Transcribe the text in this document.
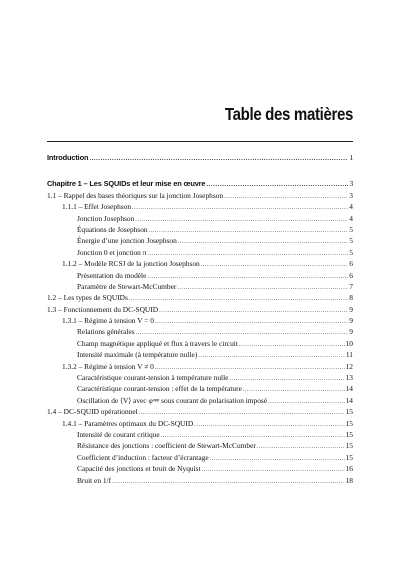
Table des matières
Introduction .....	1
Chapitre 1 – Les SQUIDs et leur mise en œuvre .....	3
1.1 – Rappel des bases théoriques sur la jonction Josephson .....	3
1.1.1 – Effet Josephson .....	4
Jonction Josephson .....	4
Équations de Josephson .....	5
Énergie d’une jonction Josephson .....	5
Jonction 0 et jonction π .....	5
1.1.2 – Modèle RCSJ de la jonction Josephson .....	6
Présentation du modèle .....	6
Paramètre de Stewart-McCumber .....	7
1.2 – Les types de SQUIDs .....	8
1.3 – Fonctionnement du DC-SQUID .....	9
1.3.1 – Régime à tension V = 0 .....	9
Relations générales .....	9
Champ magnétique appliqué et flux à travers le circuit .....	10
Intensité maximale (à température nulle) .....	11
1.3.2 – Régime à tension V ≠ 0 .....	12
Caractéristique courant-tension à température nulle .....	13
Caractéristique courant-tension : effet de la température .....	14
Oscillation de ⟨V⟩ avec φᵃᵖᵖ sous courant de polarisation imposé .....	14
1.4 – DC-SQUID opérationnel .....	15
1.4.1 – Paramètres optimaux du DC-SQUID .....	15
Intensité de courant critique .....	15
Résistance des jonctions : coefficient de Stewart-McCumber .....	15
Coefficient d’induction : facteur d’écrantage .....	15
Capacité des jonctions et bruit de Nyquist .....	16
Bruit en 1/f .....	18
